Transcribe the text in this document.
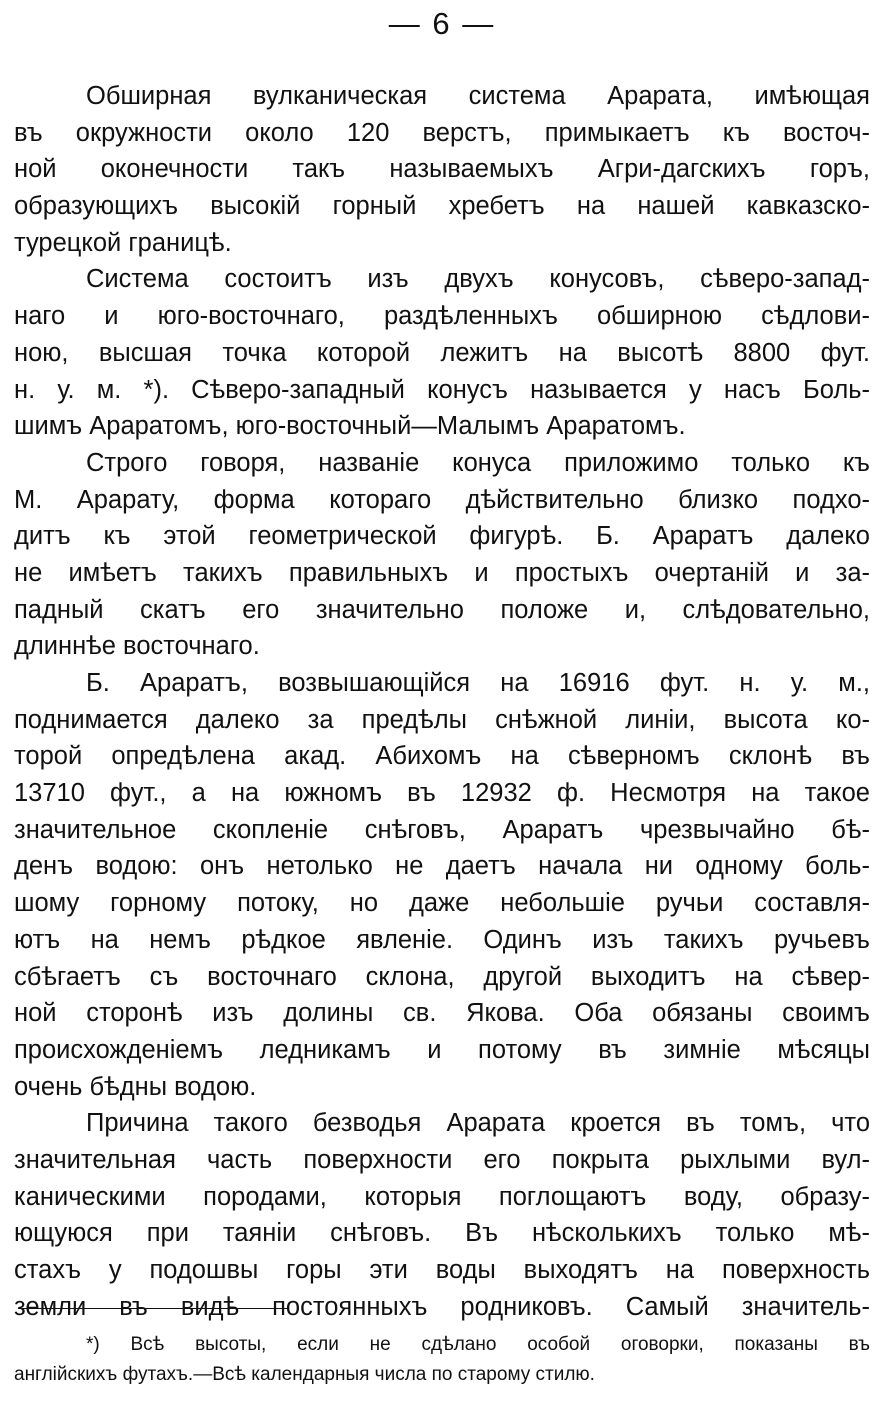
— 6 —
Обширная вулканическая система Арарата, имѣющая
въ окружности около 120 верстъ, примыкаетъ къ восточ-
ной оконечности такъ называемыхъ Агри-дагскихъ горъ,
образующихъ высокiй горный хребетъ на нашей кавказско-
турецкой границѣ.
Система состоитъ изъ двухъ конусовъ, сѣверо-запад-
наго и юго-восточнаго, раздѣленныхъ обширною сѣдлови-
ною, высшая точка которой лежитъ на высотѣ 8800 фут.
н. у. м. *). Сѣверо-западный конусъ называется у насъ Боль-
шимъ Араратомъ, юго-восточный—Малымъ Араратомъ.
Строго говоря, названiе конуса приложимо только къ
М. Арарату, форма котораго дѣйствительно близко подхо-
дитъ къ этой геометрической фигурѣ. Б. Араратъ далеко
не имѣетъ такихъ правильныхъ и простыхъ очертанiй и за-
падный скатъ его значительно положе и, слѣдовательно,
длиннѣе восточнаго.
Б. Араратъ, возвышающiйся на 16916 фут. н. у. м.,
поднимается далеко за предѣлы снѣжной линiи, высота ко-
торой опредѣлена акад. Абихомъ на сѣверномъ склонѣ въ
13710 фут., а на южномъ въ 12932 ф. Несмотря на такое
значительное скопленiе снѣговъ, Араратъ чрезвычайно бѣ-
денъ водою: онъ нетолько не даетъ начала ни одному боль-
шому горному потоку, но даже небольшiе ручьи составля-
ютъ на немъ рѣдкое явленiе. Одинъ изъ такихъ ручьевъ
сбѣгаетъ съ восточнаго склона, другой выходитъ на сѣвер-
ной сторонѣ изъ долины св. Якова. Оба обязаны своимъ
происхожденiемъ ледникамъ и потому въ зимнiе мѣсяцы
очень бѣдны водою.
Причина такого безводья Арарата кроется въ томъ, что
значительная часть поверхности его покрыта рыхлыми вул-
каническими породами, которыя поглощаютъ воду, образу-
ющуюся при таянiи снѣговъ. Въ нѣсколькихъ только мѣ-
стахъ у подошвы горы эти воды выходятъ на поверхность
земли въ видѣ постоянныхъ родниковъ. Самый значитель-
*) Всѣ высоты, если не сдѣлано особой оговорки, показаны въ
англiйскихъ футахъ.—Всѣ календарныя числа по старому стилю.
